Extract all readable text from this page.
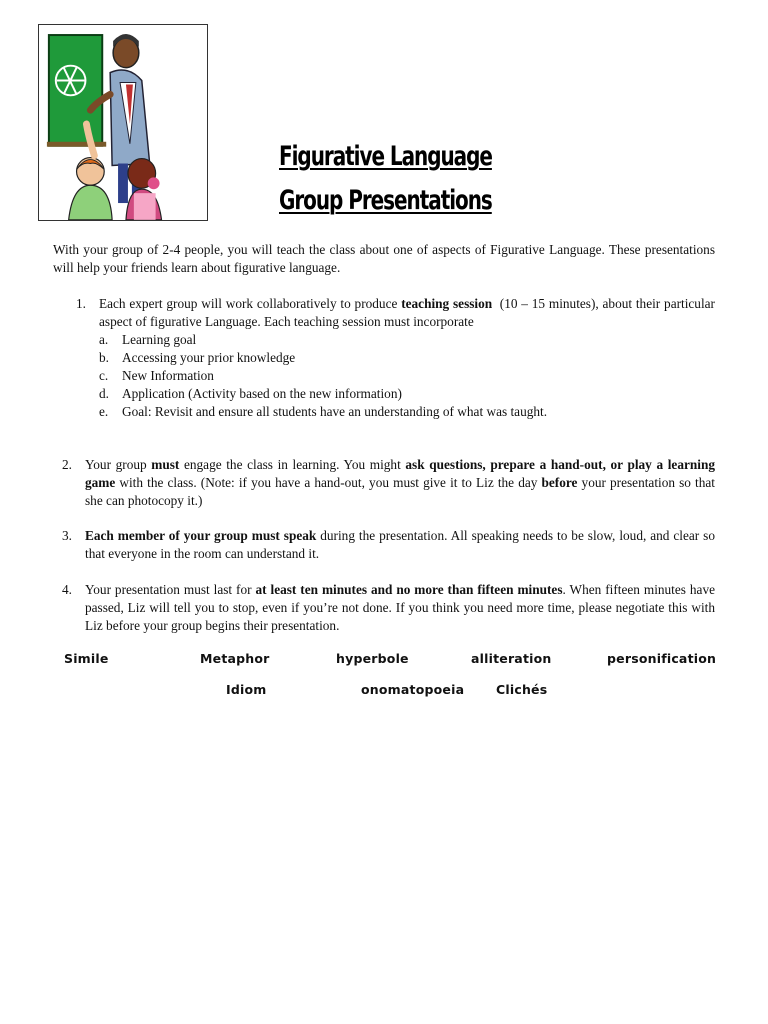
Figurative Language
Group Presentations
With your group of 2-4 people, you will teach the class about one of aspects of Figurative Language. These presentations will help your friends learn about figurative language.
1. Each expert group will work collaboratively to produce teaching session  (10 – 15 minutes), about their particular aspect of figurative Language. Each teaching session must incorporate
a. Learning goal
b. Accessing your prior knowledge
c. New Information
d. Application (Activity based on the new information)
e. Goal: Revisit and ensure all students have an understanding of what was taught.
2. Your group must engage the class in learning. You might ask questions, prepare a hand-out, or play a learning game with the class. (Note: if you have a hand-out, you must give it to Liz the day before your presentation so that she can photocopy it.)
3. Each member of your group must speak during the presentation. All speaking needs to be slow, loud, and clear so that everyone in the room can understand it.
4. Your presentation must last for at least ten minutes and no more than fifteen minutes. When fifteen minutes have passed, Liz will tell you to stop, even if you’re not done. If you think you need more time, please negotiate this with Liz before your group begins their presentation.
Simile	Metaphor	hyperbole	alliteration	personification
Idiom	onomatopoeia	Clichés
